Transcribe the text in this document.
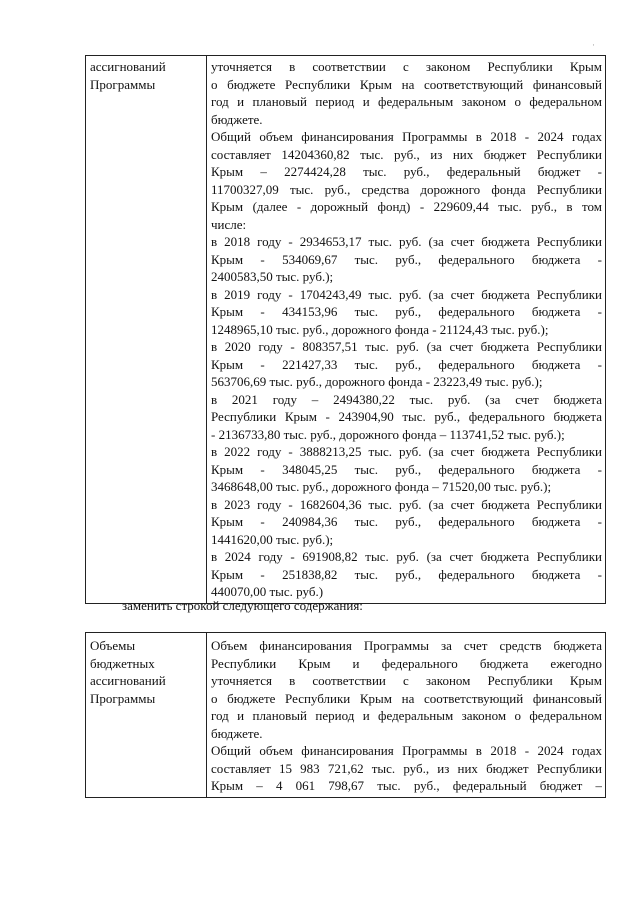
·
ассигнований
Программы

уточняется в соответствии с законом Республики Крым
о бюджете Республики Крым на соответствующий финансовый
год и плановый период и федеральным законом о федеральном
бюджете.
Общий объем финансирования Программы в 2018 - 2024 годах
составляет 14204360,82 тыс. руб., из них бюджет Республики
Крым – 2274424,28 тыс. руб., федеральный бюджет -
11700327,09 тыс. руб., средства дорожного фонда Республики
Крым (далее - дорожный фонд) - 229609,44 тыс. руб., в том
числе:
в 2018 году - 2934653,17 тыс. руб. (за счет бюджета Республики
Крым - 534069,67 тыс. руб., федерального бюджета -
2400583,50 тыс. руб.);
в 2019 году - 1704243,49 тыс. руб. (за счет бюджета Республики
Крым - 434153,96 тыс. руб., федерального бюджета -
1248965,10 тыс. руб., дорожного фонда - 21124,43 тыс. руб.);
в 2020 году - 808357,51 тыс. руб. (за счет бюджета Республики
Крым - 221427,33 тыс. руб., федерального бюджета -
563706,69 тыс. руб., дорожного фонда - 23223,49 тыс. руб.);
в 2021 году – 2494380,22 тыс. руб. (за счет бюджета
Республики Крым - 243904,90 тыс. руб., федерального бюджета
- 2136733,80 тыс. руб., дорожного фонда – 113741,52 тыс. руб.);
в 2022 году - 3888213,25 тыс. руб. (за счет бюджета Республики
Крым - 348045,25 тыс. руб., федерального бюджета -
3468648,00 тыс. руб., дорожного фонда – 71520,00 тыс. руб.);
в 2023 году - 1682604,36 тыс. руб. (за счет бюджета Республики
Крым - 240984,36 тыс. руб., федерального бюджета -
1441620,00 тыс. руб.);
в 2024 году - 691908,82 тыс. руб. (за счет бюджета Республики
Крым - 251838,82 тыс. руб., федерального бюджета -
440070,00 тыс. руб.)
заменить строкой следующего содержания:
Объемы
бюджетных
ассигнований
Программы

Объем финансирования Программы за счет средств бюджета
Республики Крым и федерального бюджета ежегодно
уточняется в соответствии с законом Республики Крым
о бюджете Республики Крым на соответствующий финансовый
год и плановый период и федеральным законом о федеральном
бюджете.
Общий объем финансирования Программы в 2018 - 2024 годах
составляет 15 983 721,62 тыс. руб., из них бюджет Республики
Крым – 4 061 798,67 тыс. руб., федеральный бюджет –
